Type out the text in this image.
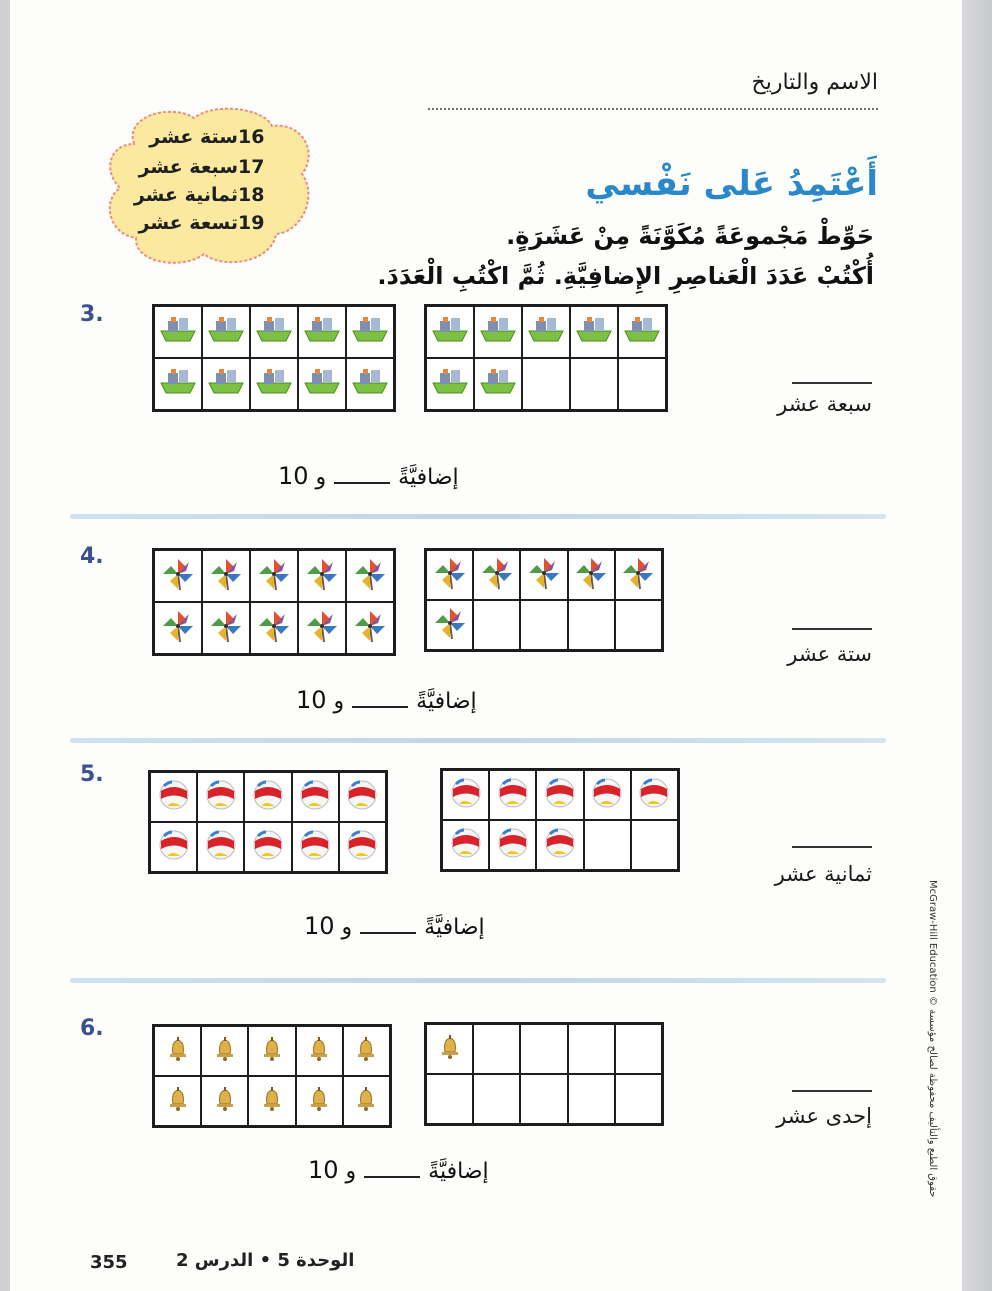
الاسم والتاريخ
ستة عشر16
سبعة عشر17
ثمانية عشر18
تسعة عشر19
أَعْتَمِدُ عَلى نَفْسي
حَوِّطْ مَجْموعَةً مُكَوَّنَةً مِنْ عَشَرَةٍ.
أُكْتُبْ عَدَدَ الْعَناصِرِ الإِضافِيَّةِ. ثُمَّ اكْتُبِ الْعَدَدَ.
3.
سبعة عشر
إضافيَّةًو 10
4.
ستة عشر
إضافيَّةًو 10
5.
ثمانية عشر
إضافيَّةًو 10
6.
إحدى عشر
إضافيَّةًو 10
355	الوحدة 5 • الدرس 2
McGraw-Hill Education © حقوق الطبع والتأليف محفوظة لصالح مؤسسة
